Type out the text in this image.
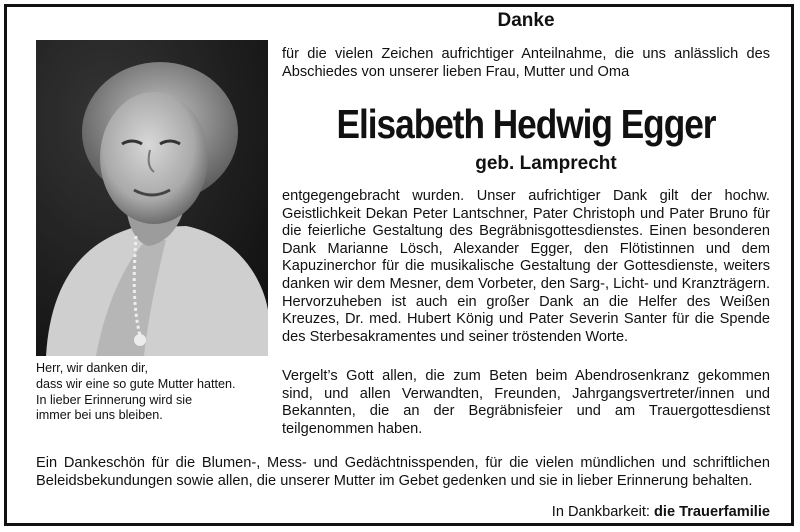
Herr, wir danken dir,
dass wir eine so gute Mutter hatten.
In lieber Erinnerung wird sie
immer bei uns bleiben.
Danke
für die vielen Zeichen aufrichtiger Anteilnahme, die uns anlässlich des Abschiedes von unserer lieben Frau, Mutter und Oma
Elisabeth Hedwig Egger
geb. Lamprecht
entgegengebracht wurden. Unser aufrichtiger Dank gilt der hochw. Geistlichkeit Dekan Peter Lantschner, Pater Christoph und Pater Bruno für die feierliche Gestaltung des Begräbnisgottesdienstes. Einen besonderen Dank Marianne Lösch, Alexander Egger, den Flötistinnen und dem Kapuzinerchor für die musikalische Gestaltung der Gottesdienste, weiters danken wir dem Mesner, dem Vorbeter, den Sarg-, Licht- und Kranzträgern. Hervorzuheben ist auch ein großer Dank an die Helfer des Weißen Kreuzes, Dr. med. Hubert König und Pater Severin Santer für die Spende des Sterbesakramentes und seiner tröstenden Worte.
Vergelt’s Gott allen, die zum Beten beim Abendrosenkranz gekommen sind, und allen Verwandten, Freunden, Jahrgangsvertreter/innen und Bekannten, die an der Begräbnisfeier und am Trauergottesdienst teilgenommen haben.
Ein Dankeschön für die Blumen-, Mess- und Gedächtnisspenden, für die vielen mündlichen und schriftlichen Beleidsbekundungen sowie allen, die unserer Mutter im Gebet gedenken und sie in lieber Erinnerung behalten.
In Dankbarkeit: die Trauerfamilie
